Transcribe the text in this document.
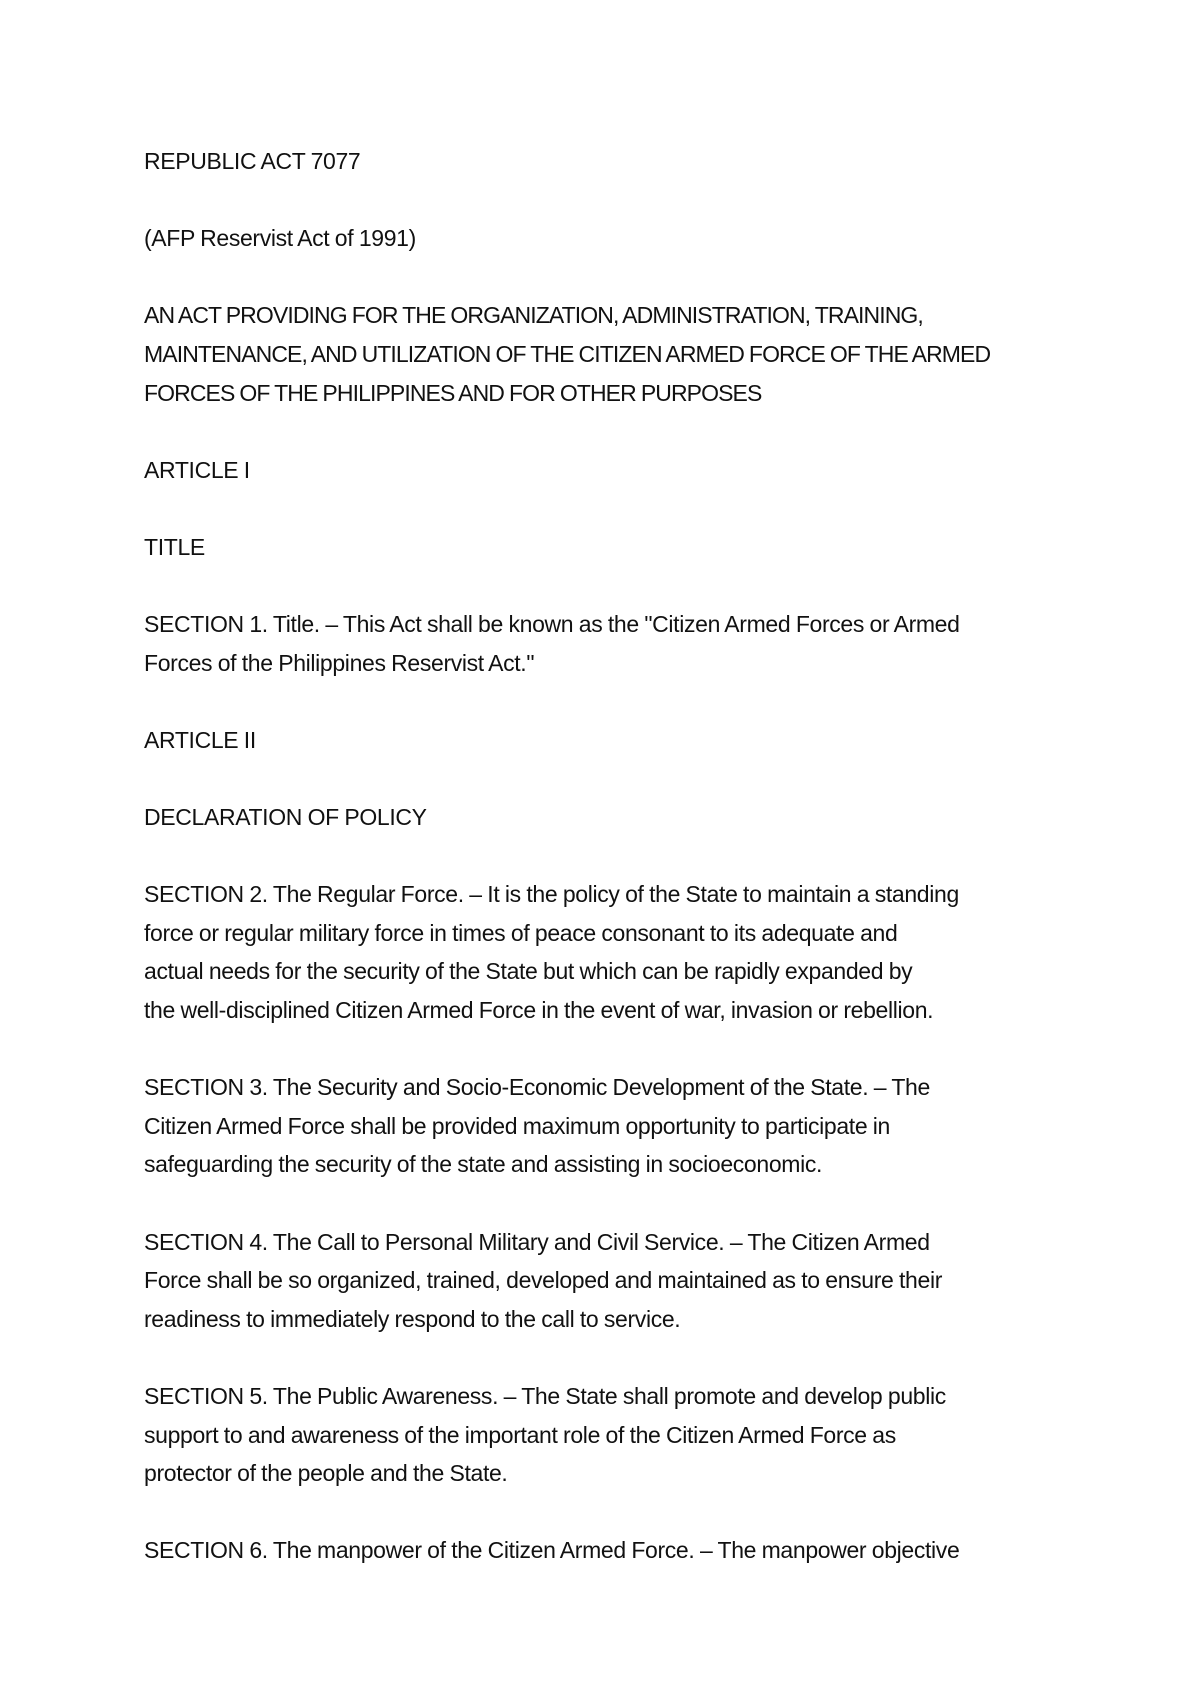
REPUBLIC ACT 7077

(AFP Reservist Act of 1991)

AN ACT PROVIDING FOR THE ORGANIZATION, ADMINISTRATION, TRAINING,
MAINTENANCE, AND UTILIZATION OF THE CITIZEN ARMED FORCE OF THE ARMED
FORCES OF THE PHILIPPINES AND FOR OTHER PURPOSES

ARTICLE I

TITLE

SECTION 1. Title. – This Act shall be known as the "Citizen Armed Forces or Armed
Forces of the Philippines Reservist Act."

ARTICLE II

DECLARATION OF POLICY

SECTION 2. The Regular Force. – It is the policy of the State to maintain a standing
force or regular military force in times of peace consonant to its adequate and
actual needs for the security of the State but which can be rapidly expanded by
the well-disciplined Citizen Armed Force in the event of war, invasion or rebellion.

SECTION 3. The Security and Socio-Economic Development of the State. – The
Citizen Armed Force shall be provided maximum opportunity to participate in
safeguarding the security of the state and assisting in socioeconomic.

SECTION 4. The Call to Personal Military and Civil Service. – The Citizen Armed
Force shall be so organized, trained, developed and maintained as to ensure their
readiness to immediately respond to the call to service.

SECTION 5. The Public Awareness. – The State shall promote and develop public
support to and awareness of the important role of the Citizen Armed Force as
protector of the people and the State.

SECTION 6. The manpower of the Citizen Armed Force. – The manpower objective
